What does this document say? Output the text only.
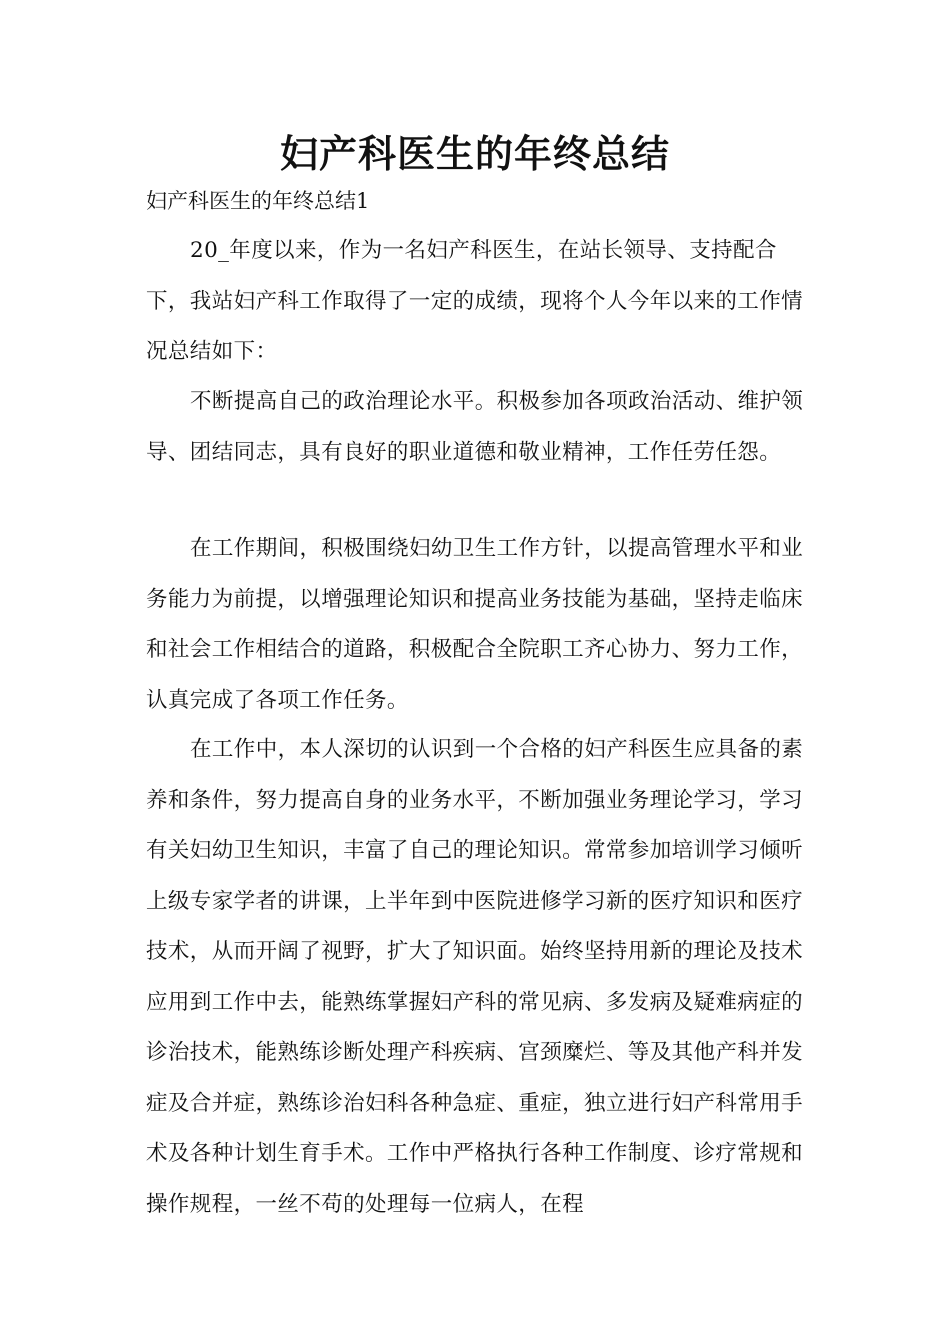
妇产科医生的年终总结

妇产科医生的年终总结1

20_年度以来，作为一名妇产科医生，在站长领导、支持配合下，我站妇产科工作取得了一定的成绩，现将个人今年以来的工作情况总结如下：

不断提高自己的政治理论水平。积极参加各项政治活动、维护领导、团结同志，具有良好的职业道德和敬业精神，工作任劳任怨。

在工作期间，积极围绕妇幼卫生工作方针，以提高管理水平和业务能力为前提，以增强理论知识和提高业务技能为基础，坚持走临床和社会工作相结合的道路，积极配合全院职工齐心协力、努力工作，认真完成了各项工作任务。

在工作中，本人深切的认识到一个合格的妇产科医生应具备的素养和条件，努力提高自身的业务水平，不断加强业务理论学习，学习有关妇幼卫生知识，丰富了自己的理论知识。常常参加培训学习倾听上级专家学者的讲课，上半年到中医院进修学习新的医疗知识和医疗技术，从而开阔了视野，扩大了知识面。始终坚持用新的理论及技术应用到工作中去，能熟练掌握妇产科的常见病、多发病及疑难病症的诊治技术，能熟练诊断处理产科疾病、宫颈糜烂、等及其他产科并发症及合并症，熟练诊治妇科各种急症、重症，独立进行妇产科常用手术及各种计划生育手术。工作中严格执行各种工作制度、诊疗常规和操作规程，一丝不苟的处理每一位病人，在程
